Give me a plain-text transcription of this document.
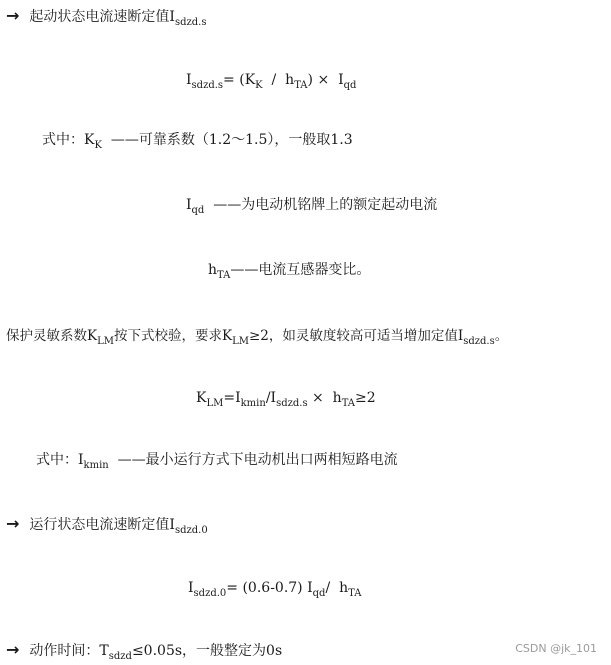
→ 起动状态电流速断定值$I_{sdzd.s}$
$I_{sdzd.s}= (K_K / h_{TA}) \times I_{qd}$
式中：$K_K$  ——可靠系数（1.2～1.5），一般取1.3
$I_{qd}$  ——为电动机铭牌上的额定起动电流
$h_{TA}——$电流互感器变比。
保护灵敏系数$K_{LM}$按下式校验，要求$K_{LM}\ge 2$，如灵敏度较高可适当增加定值$I_{sdzd.s}$。
$K_{LM}=I_{kmin}/I_{sdzd.s} \times h_{TA}\ge 2$
式中：$I_{kmin}$  ——最小运行方式下电动机出口两相短路电流
→ 运行状态电流速断定值$I_{sdzd.0}$
$I_{sdzd.0}= (0.6-0.7)$ $I_{qd}/$  $h_{TA}$
→ 动作时间：$T_{sdzd}\le 0.05s$，一般整定为0s	CSDN @jk_101
